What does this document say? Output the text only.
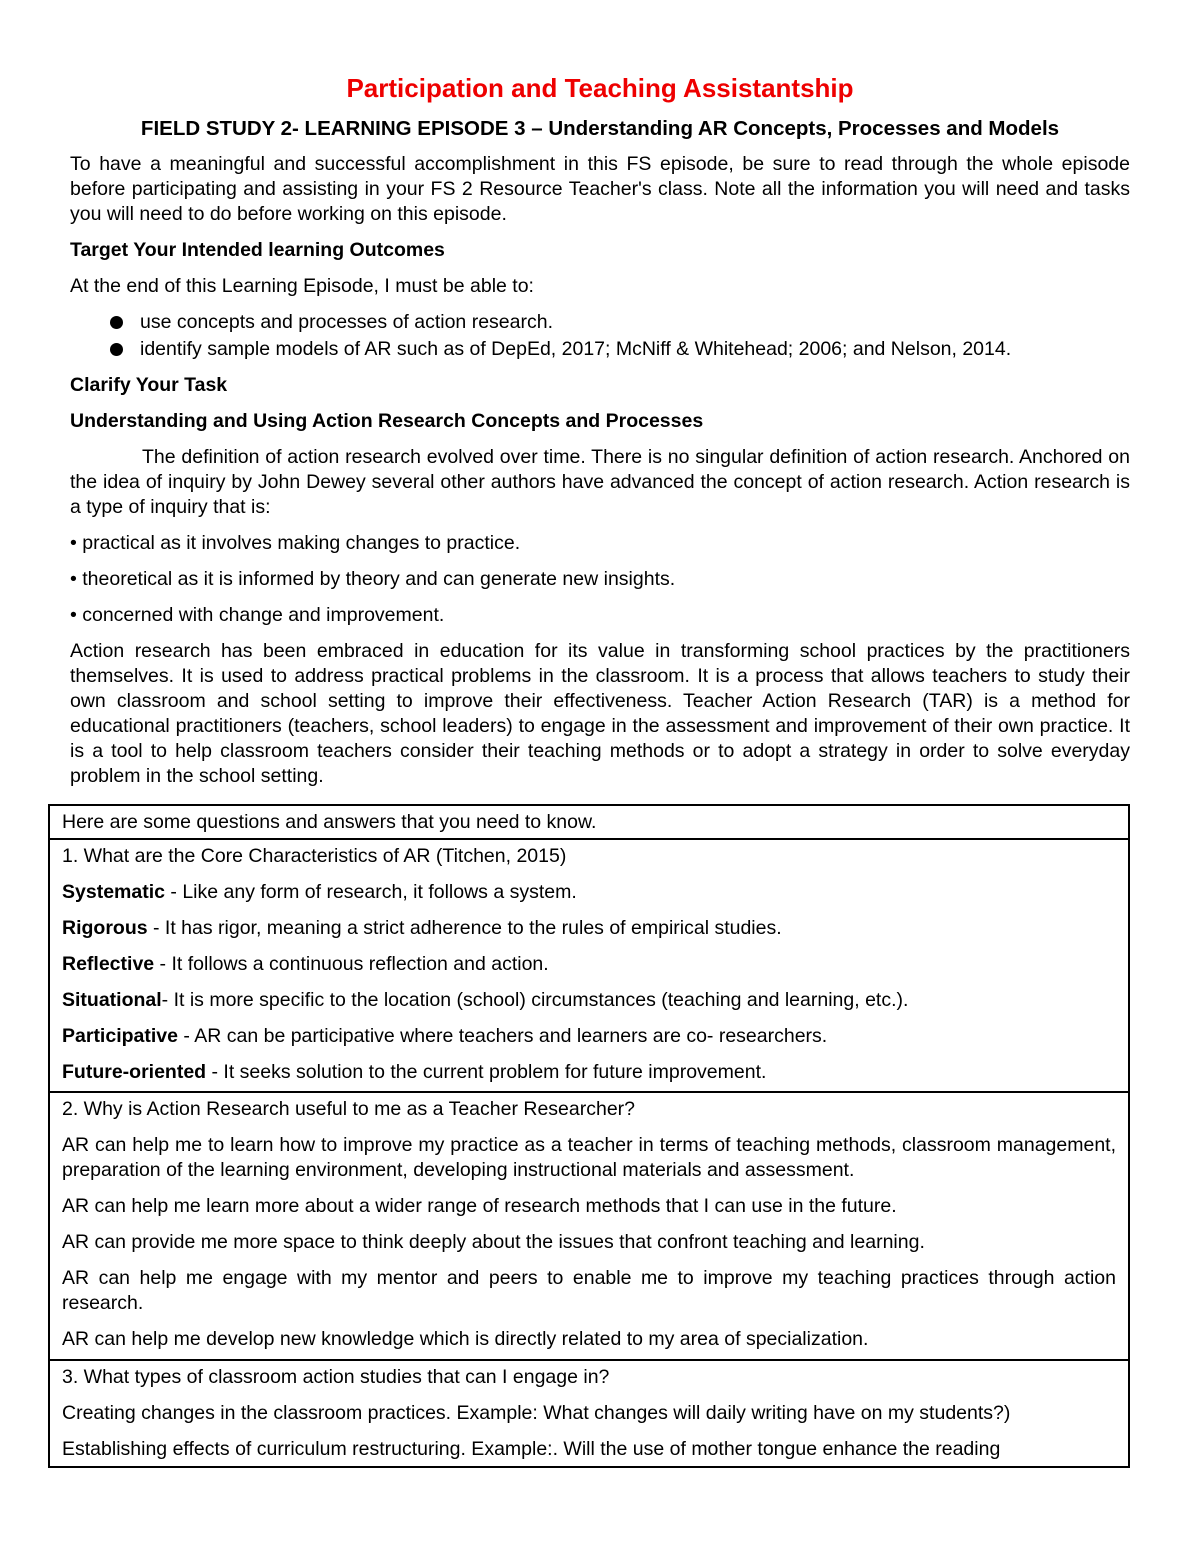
Participation and Teaching Assistantship
FIELD STUDY 2- LEARNING EPISODE 3 – Understanding AR Concepts, Processes and Models

To have a meaningful and successful accomplishment in this FS episode, be sure to read through the whole episode before participating and assisting in your FS 2 Resource Teacher's class. Note all the information you will need and tasks you will need to do before working on this episode.

Target Your Intended learning Outcomes

At the end of this Learning Episode, I must be able to:

use concepts and processes of action research.
identify sample models of AR such as of DepEd, 2017; McNiff & Whitehead; 2006; and Nelson, 2014.

Clarify Your Task

Understanding and Using Action Research Concepts and Processes

The definition of action research evolved over time. There is no singular definition of action research. Anchored on the idea of inquiry by John Dewey several other authors have advanced the concept of action research. Action research is a type of inquiry that is:

• practical as it involves making changes to practice.

• theoretical as it is informed by theory and can generate new insights.

• concerned with change and improvement.

Action research has been embraced in education for its value in transforming school practices by the practitioners themselves. It is used to address practical problems in the classroom. It is a process that allows teachers to study their own classroom and school setting to improve their effectiveness. Teacher Action Research (TAR) is a method for educational practitioners (teachers, school leaders) to engage in the assessment and improvement of their own practice. It is a tool to help classroom teachers consider their teaching methods or to adopt a strategy in order to solve everyday problem in the school setting.

Here are some questions and answers that you need to know.

1. What are the Core Characteristics of AR (Titchen, 2015)

Systematic - Like any form of research, it follows a system.

Rigorous - It has rigor, meaning a strict adherence to the rules of empirical studies.

Reflective - It follows a continuous reflection and action.

Situational- It is more specific to the location (school) circumstances (teaching and learning, etc.).

Participative - AR can be participative where teachers and learners are co- researchers.

Future-oriented - It seeks solution to the current problem for future improvement.

2. Why is Action Research useful to me as a Teacher Researcher?

AR can help me to learn how to improve my practice as a teacher in terms of teaching methods, classroom management, preparation of the learning environment, developing instructional materials and assessment.

AR can help me learn more about a wider range of research methods that I can use in the future.

AR can provide me more space to think deeply about the issues that confront teaching and learning.

AR can help me engage with my mentor and peers to enable me to improve my teaching practices through action research.

AR can help me develop new knowledge which is directly related to my area of specialization.

3. What types of classroom action studies that can I engage in?

Creating changes in the classroom practices. Example: What changes will daily writing have on my students?)

Establishing effects of curriculum restructuring. Example:. Will the use of mother tongue enhance the reading
